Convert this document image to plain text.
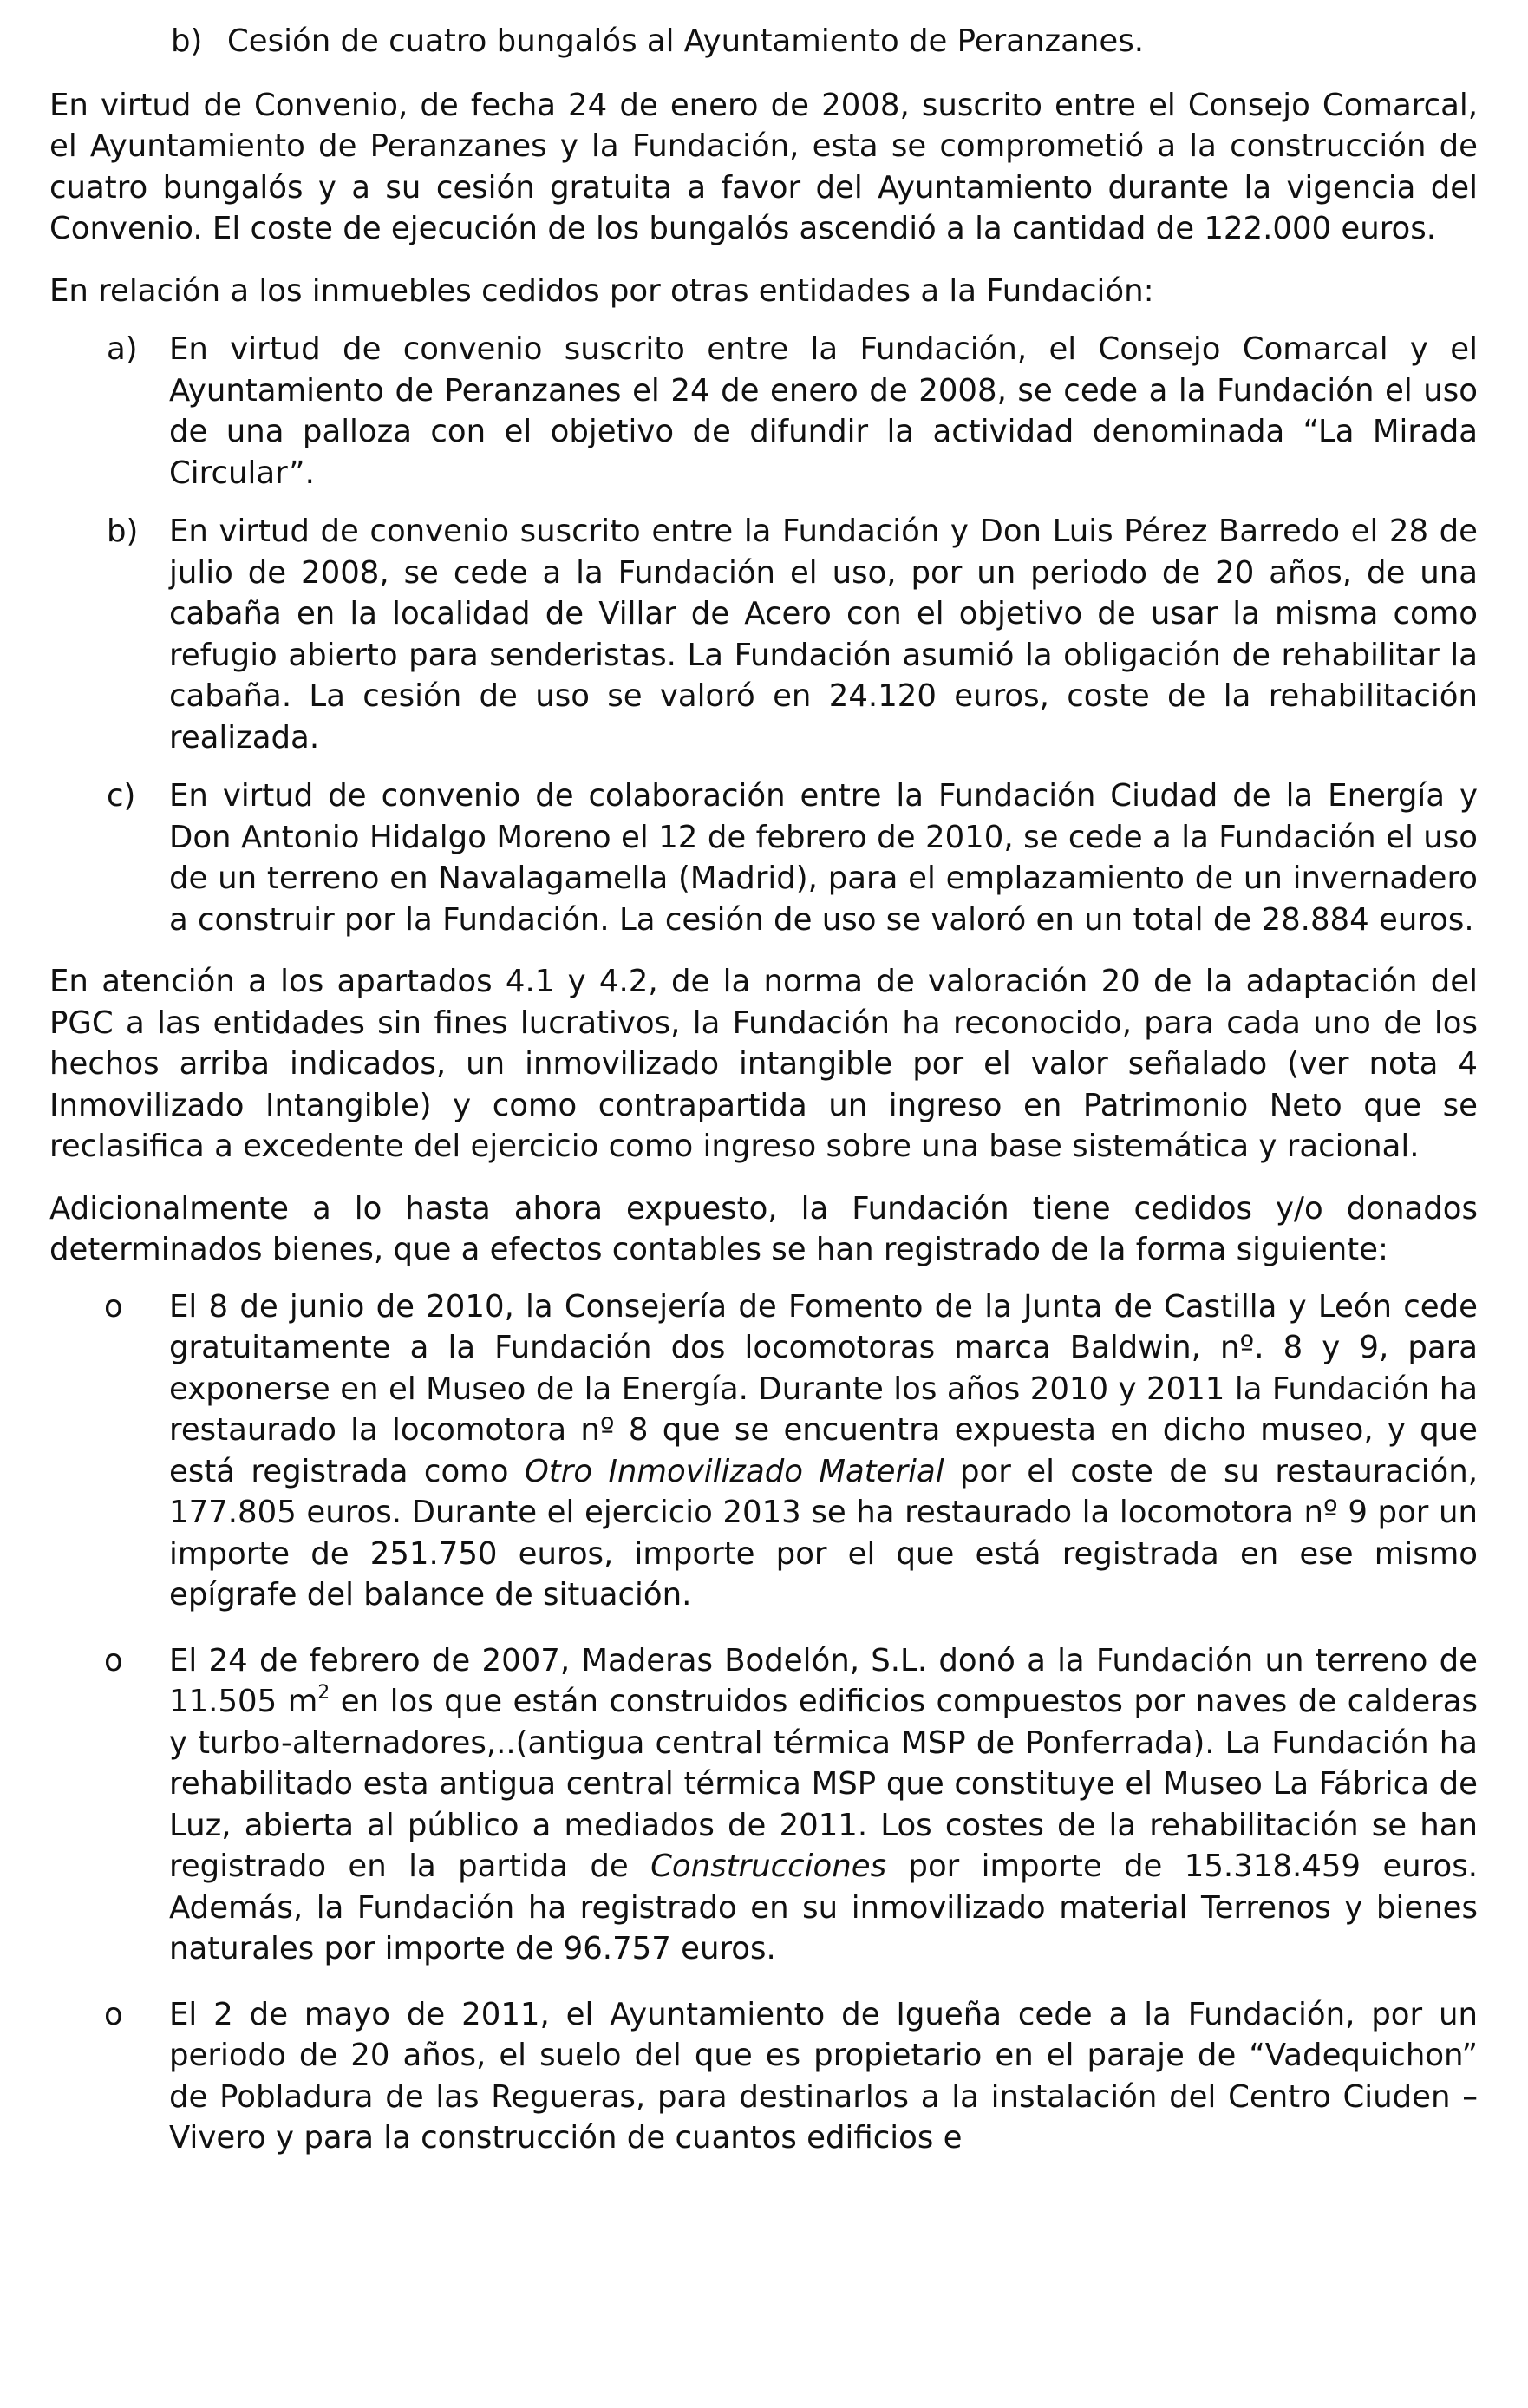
b) Cesión de cuatro bungalós al Ayuntamiento de Peranzanes.

En virtud de Convenio, de fecha 24 de enero de 2008, suscrito entre el Consejo Comarcal, el Ayuntamiento de Peranzanes y la Fundación, esta se comprometió a la construcción de cuatro bungalós y a su cesión gratuita a favor del Ayuntamiento durante la vigencia del Convenio. El coste de ejecución de los bungalós ascendió a la cantidad de 122.000 euros.

En relación a los inmuebles cedidos por otras entidades a la Fundación:

a) En virtud de convenio suscrito entre la Fundación, el Consejo Comarcal y el Ayuntamiento de Peranzanes el 24 de enero de 2008, se cede a la Fundación el uso de una palloza con el objetivo de difundir la actividad denominada “La Mirada Circular”.

b) En virtud de convenio suscrito entre la Fundación y Don Luis Pérez Barredo el 28 de julio de 2008, se cede a la Fundación el uso, por un periodo de 20 años, de una cabaña en la localidad de Villar de Acero con el objetivo de usar la misma como refugio abierto para senderistas. La Fundación asumió la obligación de rehabilitar la cabaña. La cesión de uso se valoró en 24.120 euros, coste de la rehabilitación realizada.

c) En virtud de convenio de colaboración entre la Fundación Ciudad de la Energía y Don Antonio Hidalgo Moreno el 12 de febrero de 2010, se cede a la Fundación el uso de un terreno en Navalagamella (Madrid), para el emplazamiento de un invernadero a construir por la Fundación. La cesión de uso se valoró en un total de 28.884 euros.

En atención a los apartados 4.1 y 4.2, de la norma de valoración 20 de la adaptación del PGC a las entidades sin fines lucrativos, la Fundación ha reconocido, para cada uno de los hechos arriba indicados, un inmovilizado intangible por el valor señalado (ver nota 4 Inmovilizado Intangible) y como contrapartida un ingreso en Patrimonio Neto que se reclasifica a excedente del ejercicio como ingreso sobre una base sistemática y racional.

Adicionalmente a lo hasta ahora expuesto, la Fundación tiene cedidos y/o donados determinados bienes, que a efectos contables se han registrado de la forma siguiente:

o El 8 de junio de 2010, la Consejería de Fomento de la Junta de Castilla y León cede gratuitamente a la Fundación dos locomotoras marca Baldwin, nº. 8 y 9, para exponerse en el Museo de la Energía. Durante los años 2010 y 2011 la Fundación ha restaurado la locomotora nº 8 que se encuentra expuesta en dicho museo, y que está registrada como Otro Inmovilizado Material por el coste de su restauración, 177.805 euros. Durante el ejercicio 2013 se ha restaurado la locomotora nº 9 por un importe de 251.750 euros, importe por el que está registrada en ese mismo epígrafe del balance de situación.

o El 24 de febrero de 2007, Maderas Bodelón, S.L. donó a la Fundación un terreno de 11.505 $m^2$ en los que están construidos edificios compuestos por naves de calderas y turbo-alternadores,..(antigua central térmica MSP de Ponferrada). La Fundación ha rehabilitado esta antigua central térmica MSP que constituye el Museo La Fábrica de Luz, abierta al público a mediados de 2011. Los costes de la rehabilitación se han registrado en la partida de Construcciones por importe de 15.318.459 euros. Además, la Fundación ha registrado en su inmovilizado material Terrenos y bienes naturales por importe de 96.757 euros.

o El 2 de mayo de 2011, el Ayuntamiento de Igueña cede a la Fundación, por un periodo de 20 años, el suelo del que es propietario en el paraje de “Vadequichon” de Pobladura de las Regueras, para destinarlos a la instalación del Centro Ciuden –Vivero y para la construcción de cuantos edificios e
